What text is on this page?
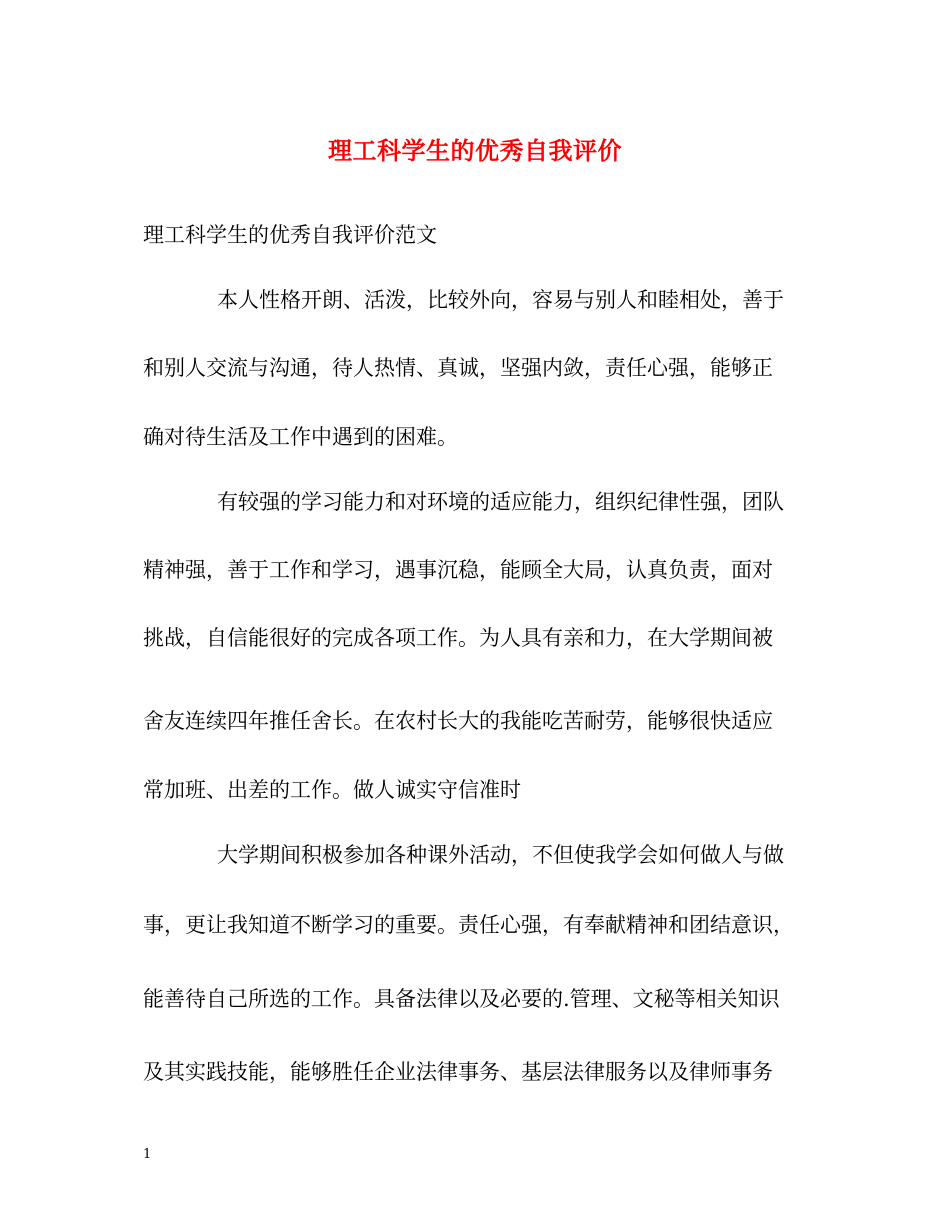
理工科学生的优秀自我评价
理工科学生的优秀自我评价范文
本人性格开朗、活泼，比较外向，容易与别人和睦相处，善于
和别人交流与沟通，待人热情、真诚，坚强内敛，责任心强，能够正
确对待生活及工作中遇到的困难。
有较强的学习能力和对环境的适应能力，组织纪律性强，团队
精神强，善于工作和学习，遇事沉稳，能顾全大局，认真负责，面对
挑战，自信能很好的完成各项工作。为人具有亲和力，在大学期间被
舍友连续四年推任舍长。在农村长大的我能吃苦耐劳，能够很快适应
常加班、出差的工作。做人诚实守信准时
大学期间积极参加各种课外活动，不但使我学会如何做人与做
事，更让我知道不断学习的重要。责任心强，有奉献精神和团结意识，
能善待自己所选的工作。具备法律以及必要的.管理、文秘等相关知识
及其实践技能，能够胜任企业法律事务、基层法律服务以及律师事务
1
